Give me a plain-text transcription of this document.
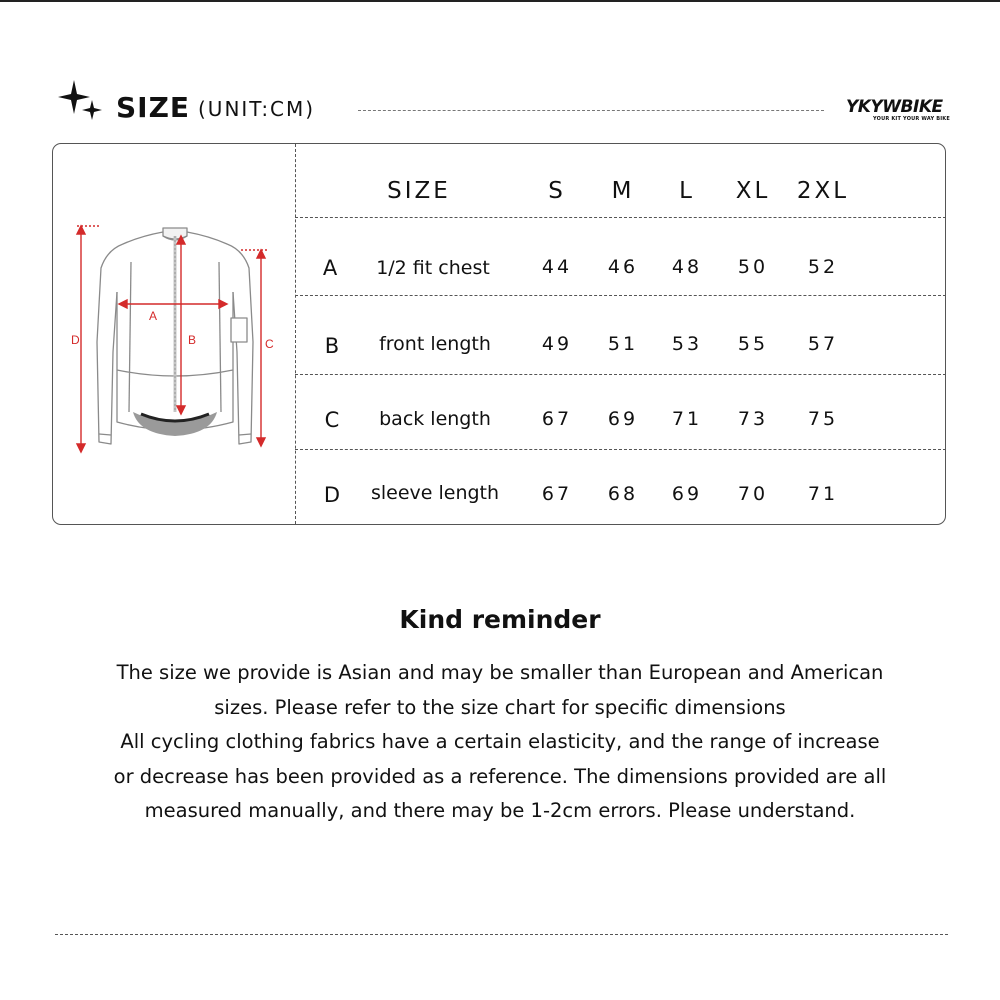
SIZE (UNIT:CM)	YKYWBIKE
YOUR KIT YOUR WAY BIKE
A
B	C
D
SIZE	S	M	L	XL	2XL
A	1/2 fit chest	44	46	48	50	52
B	front length	49	51	53	55	57
C	back length	67	69	71	73	75
D	sleeve length	67	68	69	70	71
Kind reminder
The size we provide is Asian and may be smaller than European and American
sizes. Please refer to the size chart for specific dimensions
All cycling clothing fabrics have a certain elasticity, and the range of increase
or decrease has been provided as a reference. The dimensions provided are all
measured manually, and there may be 1-2cm errors. Please understand.
